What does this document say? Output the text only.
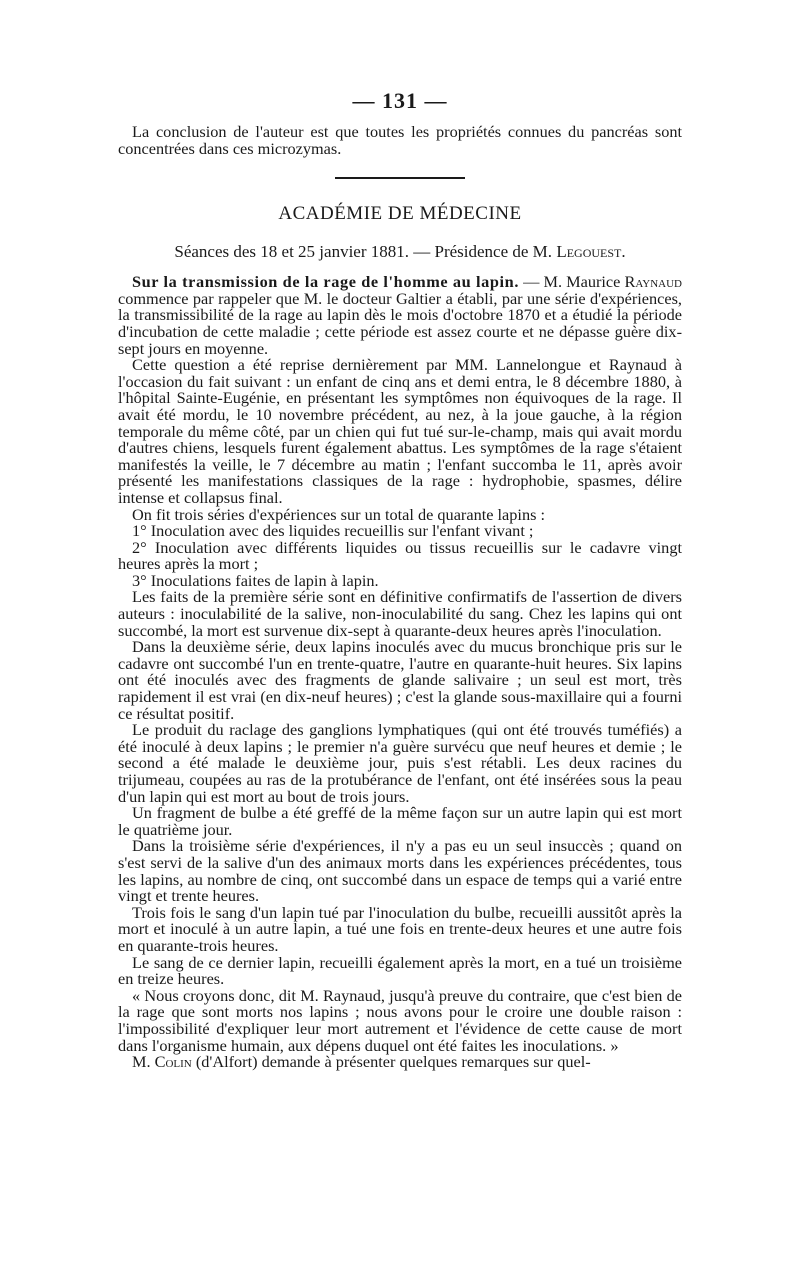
— 131 —

La conclusion de l'auteur est que toutes les propriétés connues du pancréas sont concentrées dans ces microzymas.

ACADÉMIE DE MÉDECINE
Séances des 18 et 25 janvier 1881. — Présidence de M. Legouest.

Sur la transmission de la rage de l'homme au lapin. — M. Maurice Raynaud commence par rappeler que M. le docteur Galtier a établi, par une série d'expériences, la transmissibilité de la rage au lapin dès le mois d'octobre 1870 et a étudié la période d'incubation de cette maladie ; cette période est assez courte et ne dépasse guère dix-sept jours en moyenne.

Cette question a été reprise dernièrement par MM. Lannelongue et Raynaud à l'occasion du fait suivant : un enfant de cinq ans et demi entra, le 8 décembre 1880, à l'hôpital Sainte-Eugénie, en présentant les symptômes non équivoques de la rage. Il avait été mordu, le 10 novembre précédent, au nez, à la joue gauche, à la région temporale du même côté, par un chien qui fut tué sur-le-champ, mais qui avait mordu d'autres chiens, lesquels furent également abattus. Les symptômes de la rage s'étaient manifestés la veille, le 7 décembre au matin ; l'enfant succomba le 11, après avoir présenté les manifestations classiques de la rage : hydrophobie, spasmes, délire intense et collapsus final.

On fit trois séries d'expériences sur un total de quarante lapins :

1° Inoculation avec des liquides recueillis sur l'enfant vivant ;

2° Inoculation avec différents liquides ou tissus recueillis sur le cadavre vingt heures après la mort ;

3° Inoculations faites de lapin à lapin.

Les faits de la première série sont en définitive confirmatifs de l'assertion de divers auteurs : inoculabilité de la salive, non-inoculabilité du sang. Chez les lapins qui ont succombé, la mort est survenue dix-sept à quarante-deux heures après l'inoculation.

Dans la deuxième série, deux lapins inoculés avec du mucus bronchique pris sur le cadavre ont succombé l'un en trente-quatre, l'autre en quarante-huit heures. Six lapins ont été inoculés avec des fragments de glande salivaire ; un seul est mort, très rapidement il est vrai (en dix-neuf heures) ; c'est la glande sous-maxillaire qui a fourni ce résultat positif.

Le produit du raclage des ganglions lymphatiques (qui ont été trouvés tuméfiés) a été inoculé à deux lapins ; le premier n'a guère survécu que neuf heures et demie ; le second a été malade le deuxième jour, puis s'est rétabli. Les deux racines du trijumeau, coupées au ras de la protubérance de l'enfant, ont été insérées sous la peau d'un lapin qui est mort au bout de trois jours.

Un fragment de bulbe a été greffé de la même façon sur un autre lapin qui est mort le quatrième jour.

Dans la troisième série d'expériences, il n'y a pas eu un seul insuccès ; quand on s'est servi de la salive d'un des animaux morts dans les expériences précédentes, tous les lapins, au nombre de cinq, ont succombé dans un espace de temps qui a varié entre vingt et trente heures.

Trois fois le sang d'un lapin tué par l'inoculation du bulbe, recueilli aussitôt après la mort et inoculé à un autre lapin, a tué une fois en trente-deux heures et une autre fois en quarante-trois heures.

Le sang de ce dernier lapin, recueilli également après la mort, en a tué un troisième en treize heures.

« Nous croyons donc, dit M. Raynaud, jusqu'à preuve du contraire, que c'est bien de la rage que sont morts nos lapins ; nous avons pour le croire une double raison : l'impossibilité d'expliquer leur mort autrement et l'évidence de cette cause de mort dans l'organisme humain, aux dépens duquel ont été faites les inoculations. »

M. Colin (d'Alfort) demande à présenter quelques remarques sur quel-
